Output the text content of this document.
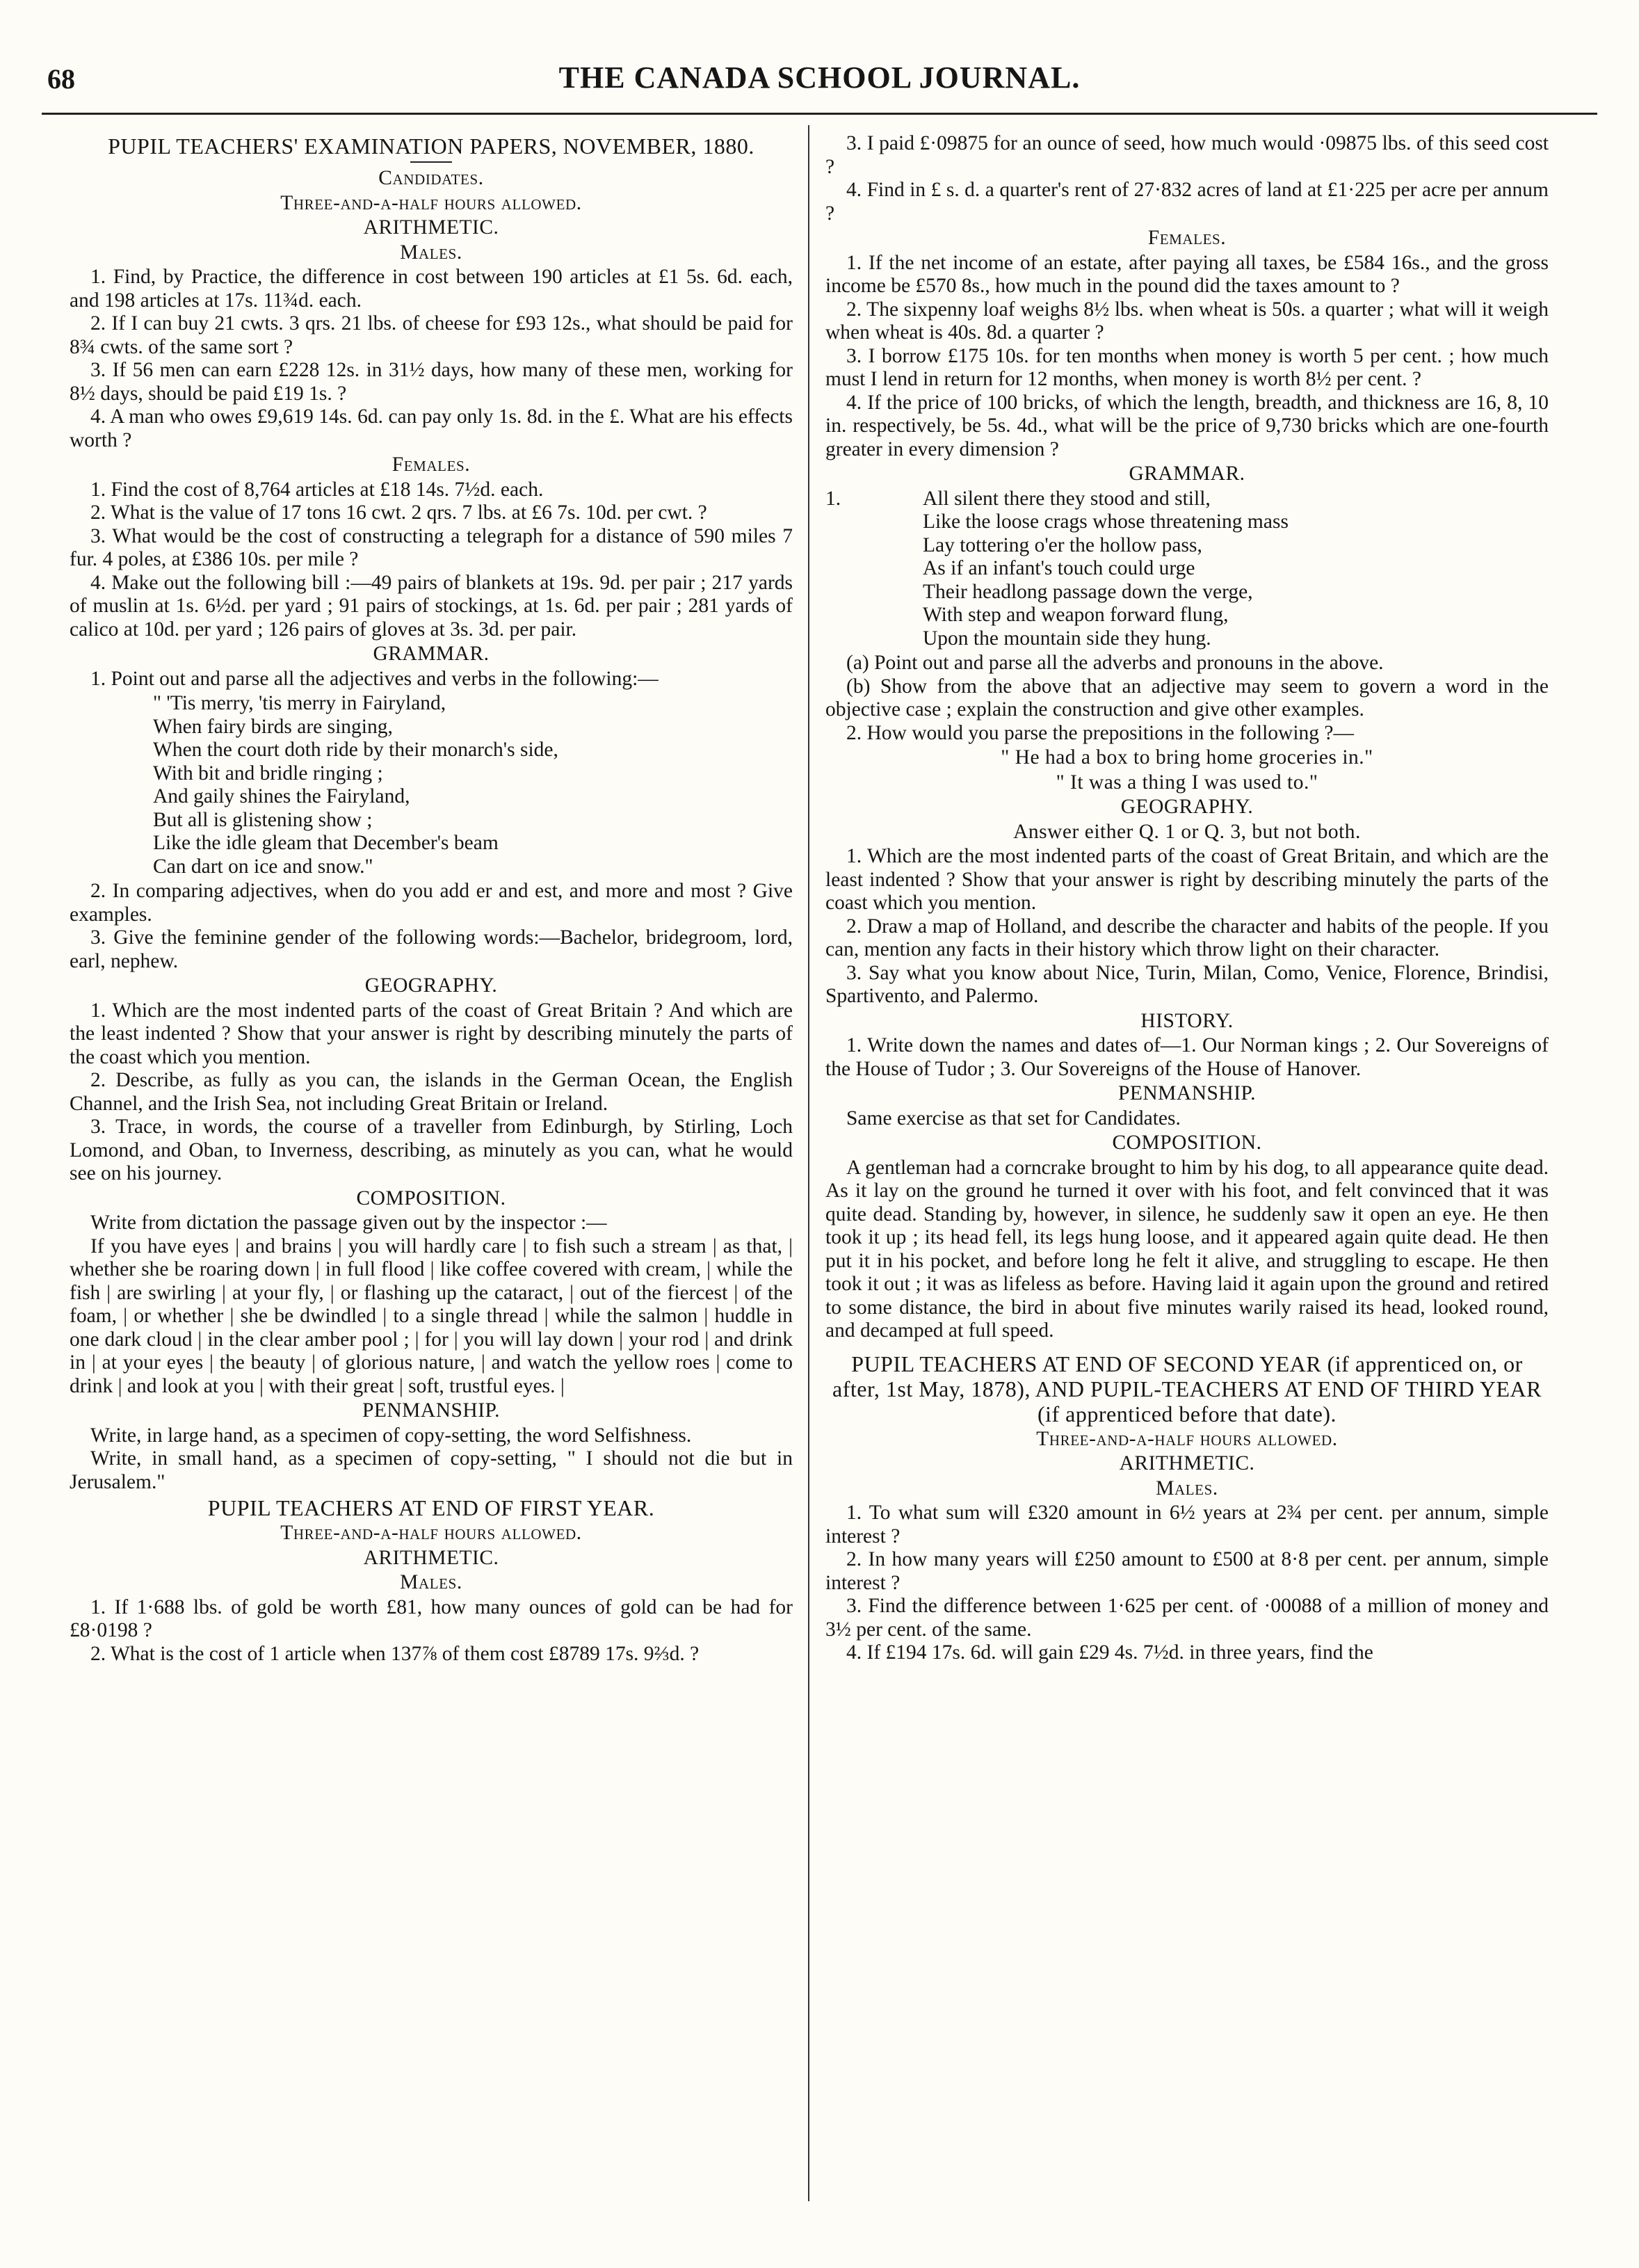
68	THE CANADA SCHOOL JOURNAL.
PUPIL TEACHERS' EXAMINATION PAPERS, NOVEMBER, 1880.
Candidates.
Three-and-a-half hours allowed.
ARITHMETIC.
Males.

1. Find, by Practice, the difference in cost between 190 articles at £1 5s. 6d. each, and 198 articles at 17s. 11¾d. each.

2. If I can buy 21 cwts. 3 qrs. 21 lbs. of cheese for £93 12s., what should be paid for 8¾ cwts. of the same sort ?

3. If 56 men can earn £228 12s. in 31½ days, how many of these men, working for 8½ days, should be paid £19 1s. ?

4. A man who owes £9,619 14s. 6d. can pay only 1s. 8d. in the £. What are his effects worth ?

Females.

1. Find the cost of 8,764 articles at £18 14s. 7½d. each.

2. What is the value of 17 tons 16 cwt. 2 qrs. 7 lbs. at £6 7s. 10d. per cwt. ?

3. What would be the cost of constructing a telegraph for a distance of 590 miles 7 fur. 4 poles, at £386 10s. per mile ?

4. Make out the following bill :—49 pairs of blankets at 19s. 9d. per pair ; 217 yards of muslin at 1s. 6½d. per yard ; 91 pairs of stockings, at 1s. 6d. per pair ; 281 yards of calico at 10d. per yard ; 126 pairs of gloves at 3s. 3d. per pair.

GRAMMAR.

1. Point out and parse all the adjectives and verbs in the following:—

" 'Tis merry, 'tis merry in Fairyland,
When fairy birds are singing,
When the court doth ride by their monarch's side,
With bit and bridle ringing ;
And gaily shines the Fairyland,
But all is glistening show ;
Like the idle gleam that December's beam
Can dart on ice and snow."

2. In comparing adjectives, when do you add er and est, and more and most ? Give examples.

3. Give the feminine gender of the following words:—Bachelor, bridegroom, lord, earl, nephew.

GEOGRAPHY.

1. Which are the most indented parts of the coast of Great Britain ? And which are the least indented ? Show that your answer is right by describing minutely the parts of the coast which you mention.

2. Describe, as fully as you can, the islands in the German Ocean, the English Channel, and the Irish Sea, not including Great Britain or Ireland.

3. Trace, in words, the course of a traveller from Edinburgh, by Stirling, Loch Lomond, and Oban, to Inverness, describing, as minutely as you can, what he would see on his journey.

COMPOSITION.

Write from dictation the passage given out by the inspector :—

If you have eyes | and brains | you will hardly care | to fish such a stream | as that, | whether she be roaring down | in full flood | like coffee covered with cream, | while the fish | are swirling | at your fly, | or flashing up the cataract, | out of the fiercest | of the foam, | or whether | she be dwindled | to a single thread | while the salmon | huddle in one dark cloud | in the clear amber pool ; | for | you will lay down | your rod | and drink in | at your eyes | the beauty | of glorious nature, | and watch the yellow roes | come to drink | and look at you | with their great | soft, trustful eyes. |

PENMANSHIP.

Write, in large hand, as a specimen of copy-setting, the word Selfishness.

Write, in small hand, as a specimen of copy-setting, " I should not die but in Jerusalem."

PUPIL TEACHERS AT END OF FIRST YEAR.
Three-and-a-half hours allowed.
ARITHMETIC.
Males.

1. If 1·688 lbs. of gold be worth £81, how many ounces of gold can be had for £8·0198 ?

2. What is the cost of 1 article when 137⅞ of them cost £8789 17s. 9⅔d. ?

3. I paid £·09875 for an ounce of seed, how much would ·09875 lbs. of this seed cost ?

4. Find in £ s. d. a quarter's rent of 27·832 acres of land at £1·225 per acre per annum ?

Females.

1. If the net income of an estate, after paying all taxes, be £584 16s., and the gross income be £570 8s., how much in the pound did the taxes amount to ?

2. The sixpenny loaf weighs 8½ lbs. when wheat is 50s. a quarter ; what will it weigh when wheat is 40s. 8d. a quarter ?

3. I borrow £175 10s. for ten months when money is worth 5 per cent. ; how much must I lend in return for 12 months, when money is worth 8½ per cent. ?

4. If the price of 100 bricks, of which the length, breadth, and thickness are 16, 8, 10 in. respectively, be 5s. 4d., what will be the price of 9,730 bricks which are one-fourth greater in every dimension ?

GRAMMAR.
1.	All silent there they stood and still,
Like the loose crags whose threatening mass
Lay tottering o'er the hollow pass,
As if an infant's touch could urge
Their headlong passage down the verge,
With step and weapon forward flung,
Upon the mountain side they hung.

(a) Point out and parse all the adverbs and pronouns in the above.

(b) Show from the above that an adjective may seem to govern a word in the objective case ; explain the construction and give other examples.

2. How would you parse the prepositions in the following ?—

" He had a box to bring home groceries in."
" It was a thing I was used to."
GEOGRAPHY.
Answer either Q. 1 or Q. 3, but not both.

1. Which are the most indented parts of the coast of Great Britain, and which are the least indented ? Show that your answer is right by describing minutely the parts of the coast which you mention.

2. Draw a map of Holland, and describe the character and habits of the people. If you can, mention any facts in their history which throw light on their character.

3. Say what you know about Nice, Turin, Milan, Como, Venice, Florence, Brindisi, Spartivento, and Palermo.

HISTORY.

1. Write down the names and dates of—1. Our Norman kings ; 2. Our Sovereigns of the House of Tudor ; 3. Our Sovereigns of the House of Hanover.

PENMANSHIP.

Same exercise as that set for Candidates.

COMPOSITION.

A gentleman had a corncrake brought to him by his dog, to all appearance quite dead. As it lay on the ground he turned it over with his foot, and felt convinced that it was quite dead. Standing by, however, in silence, he suddenly saw it open an eye. He then took it up ; its head fell, its legs hung loose, and it appeared again quite dead. He then put it in his pocket, and before long he felt it alive, and struggling to escape. He then took it out ; it was as lifeless as before. Having laid it again upon the ground and retired to some distance, the bird in about five minutes warily raised its head, looked round, and decamped at full speed.

PUPIL TEACHERS AT END OF SECOND YEAR (if apprenticed on, or after, 1st May, 1878), AND PUPIL-TEACHERS AT END OF THIRD YEAR (if apprenticed before that date).
Three-and-a-half hours allowed.
ARITHMETIC.
Males.

1. To what sum will £320 amount in 6½ years at 2¾ per cent. per annum, simple interest ?

2. In how many years will £250 amount to £500 at 8·8 per cent. per annum, simple interest ?

3. Find the difference between 1·625 per cent. of ·00088 of a million of money and 3½ per cent. of the same.

4. If £194 17s. 6d. will gain £29 4s. 7½d. in three years, find the
